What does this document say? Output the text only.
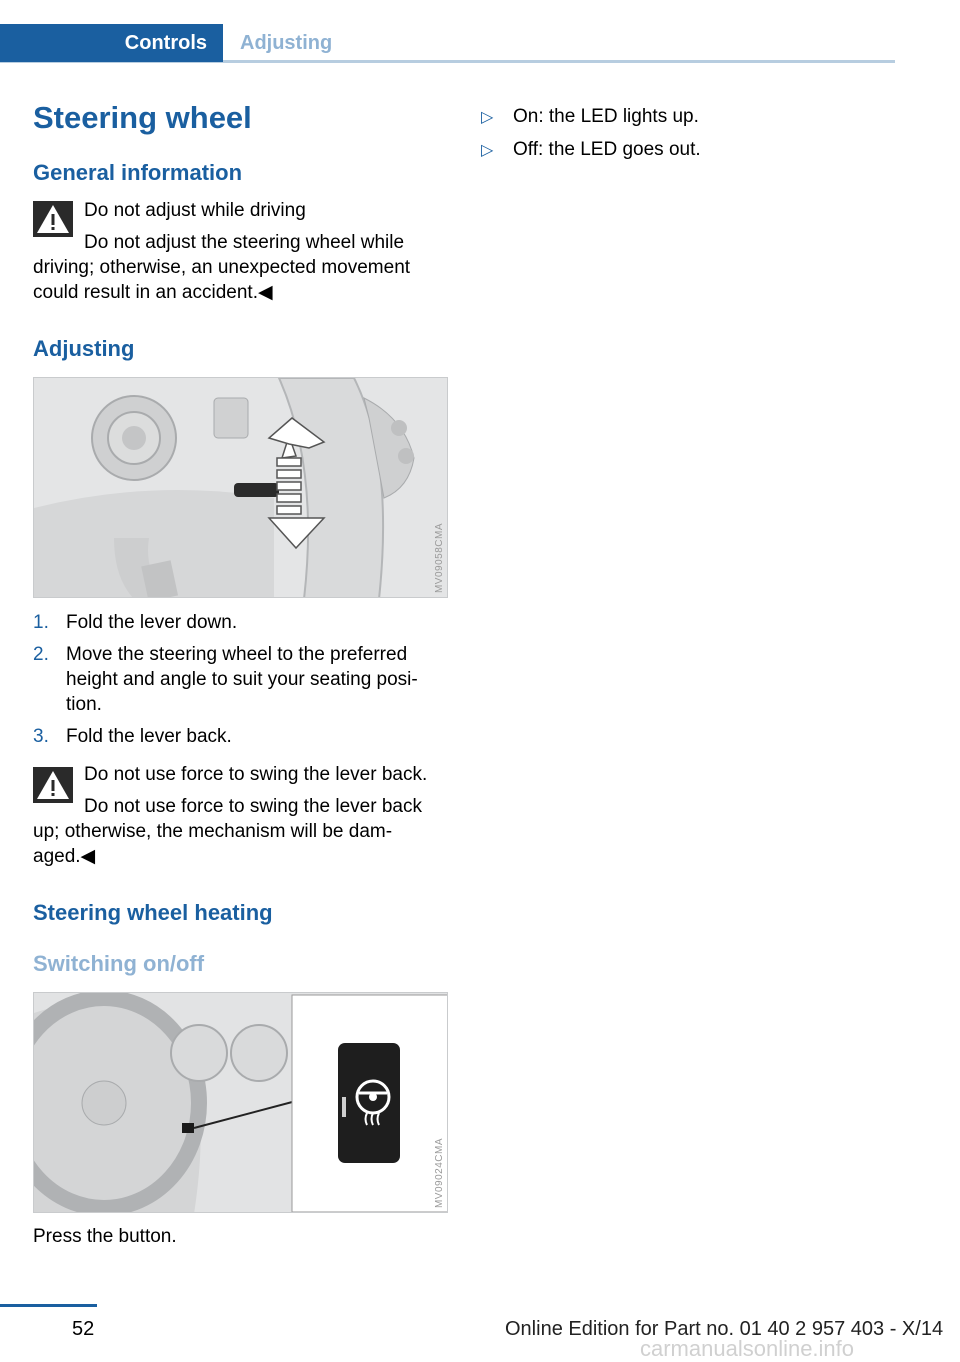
Controls	Adjusting
Steering wheel
General information

Do not adjust while driving

Do not adjust the steering wheel while

driving; otherwise, an unexpected movement

could result in an accident.◀

Adjusting
MV09058CMA
1. Fold the lever down.
2. Move the steering wheel to the preferred
height and angle to suit your seating posi‐
tion.
3. Fold the lever back.

Do not use force to swing the lever back.

Do not use force to swing the lever back

up; otherwise, the mechanism will be dam‐

aged.◀

Steering wheel heating
Switching on/off
MV09024CMA

Press the button.

▷ On: the LED lights up.
▷ Off: the LED goes out.
52	Online Edition for Part no. 01 40 2 957 403 - X/14
carmanualsonline.info
